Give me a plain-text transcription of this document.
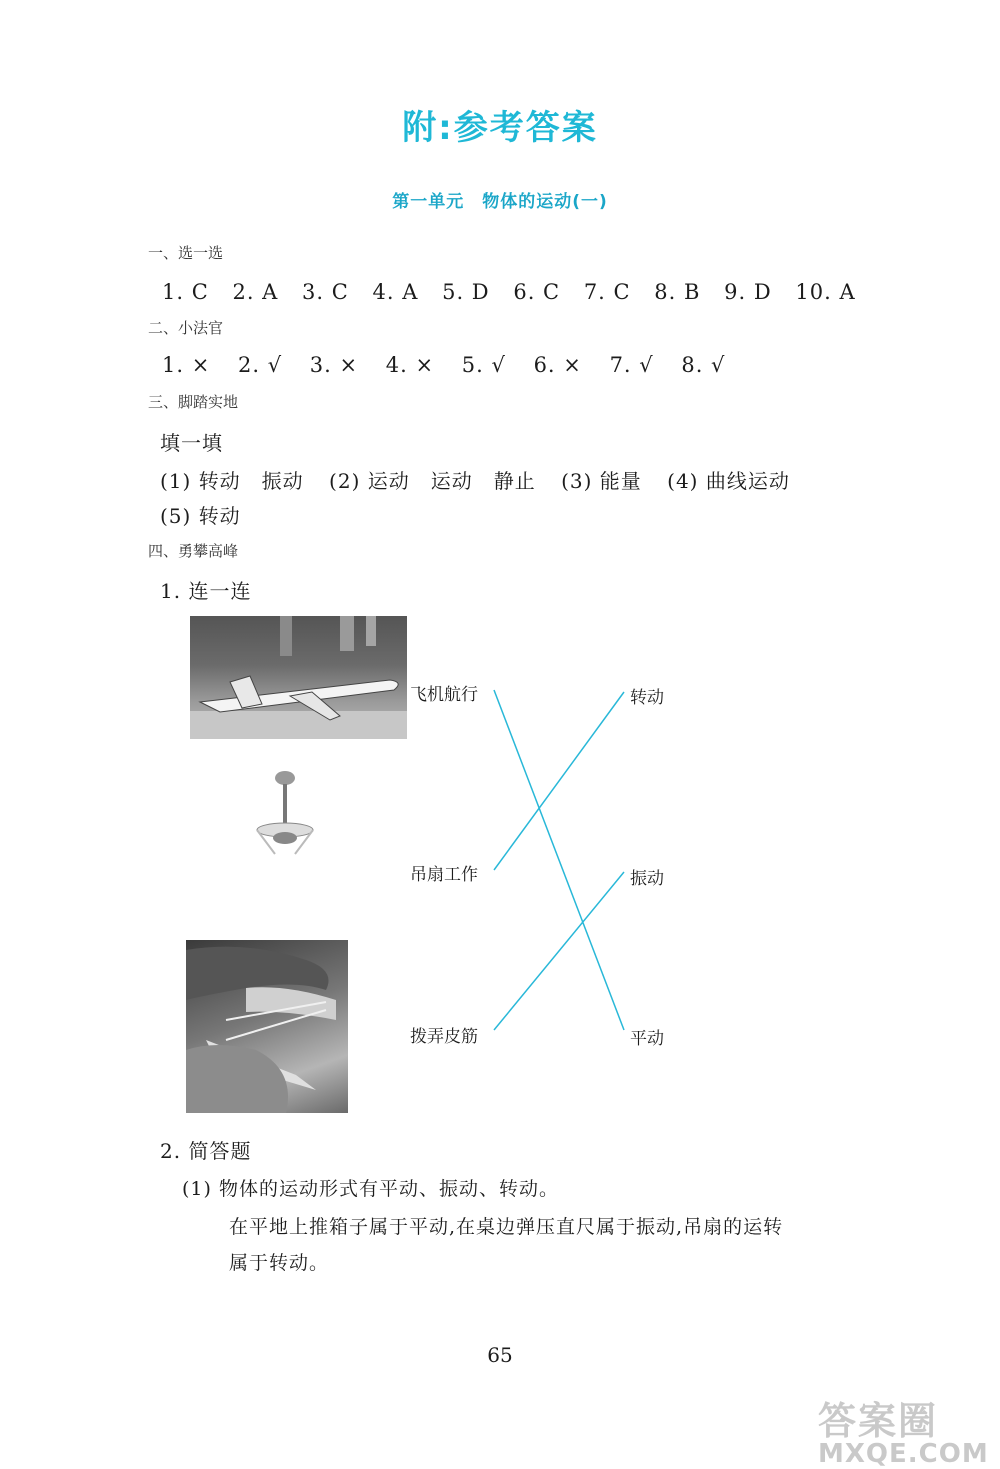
附:参考答案
第一单元　物体的运动(一)
一、选一选
1. C 2. A 3. C 4. A 5. D 6. C 7. C 8. B 9. D 10. A
二、小法官
1. × 2. √ 3. × 4. × 5. √ 6. × 7. √ 8. √
三、脚踏实地
填一填
(1) 转动　振动 (2) 运动　运动　静止 (3) 能量 (4) 曲线运动
(5) 转动
四、勇攀高峰
1. 连一连
飞机航行
吊扇工作
拨弄皮筋
转动
振动
平动
2. 简答题
(1) 物体的运动形式有平动、振动、转动。
在平地上推箱子属于平动,在桌边弹压直尺属于振动,吊扇的运转
属于转动。
65
答案圈
MXQE.COM
